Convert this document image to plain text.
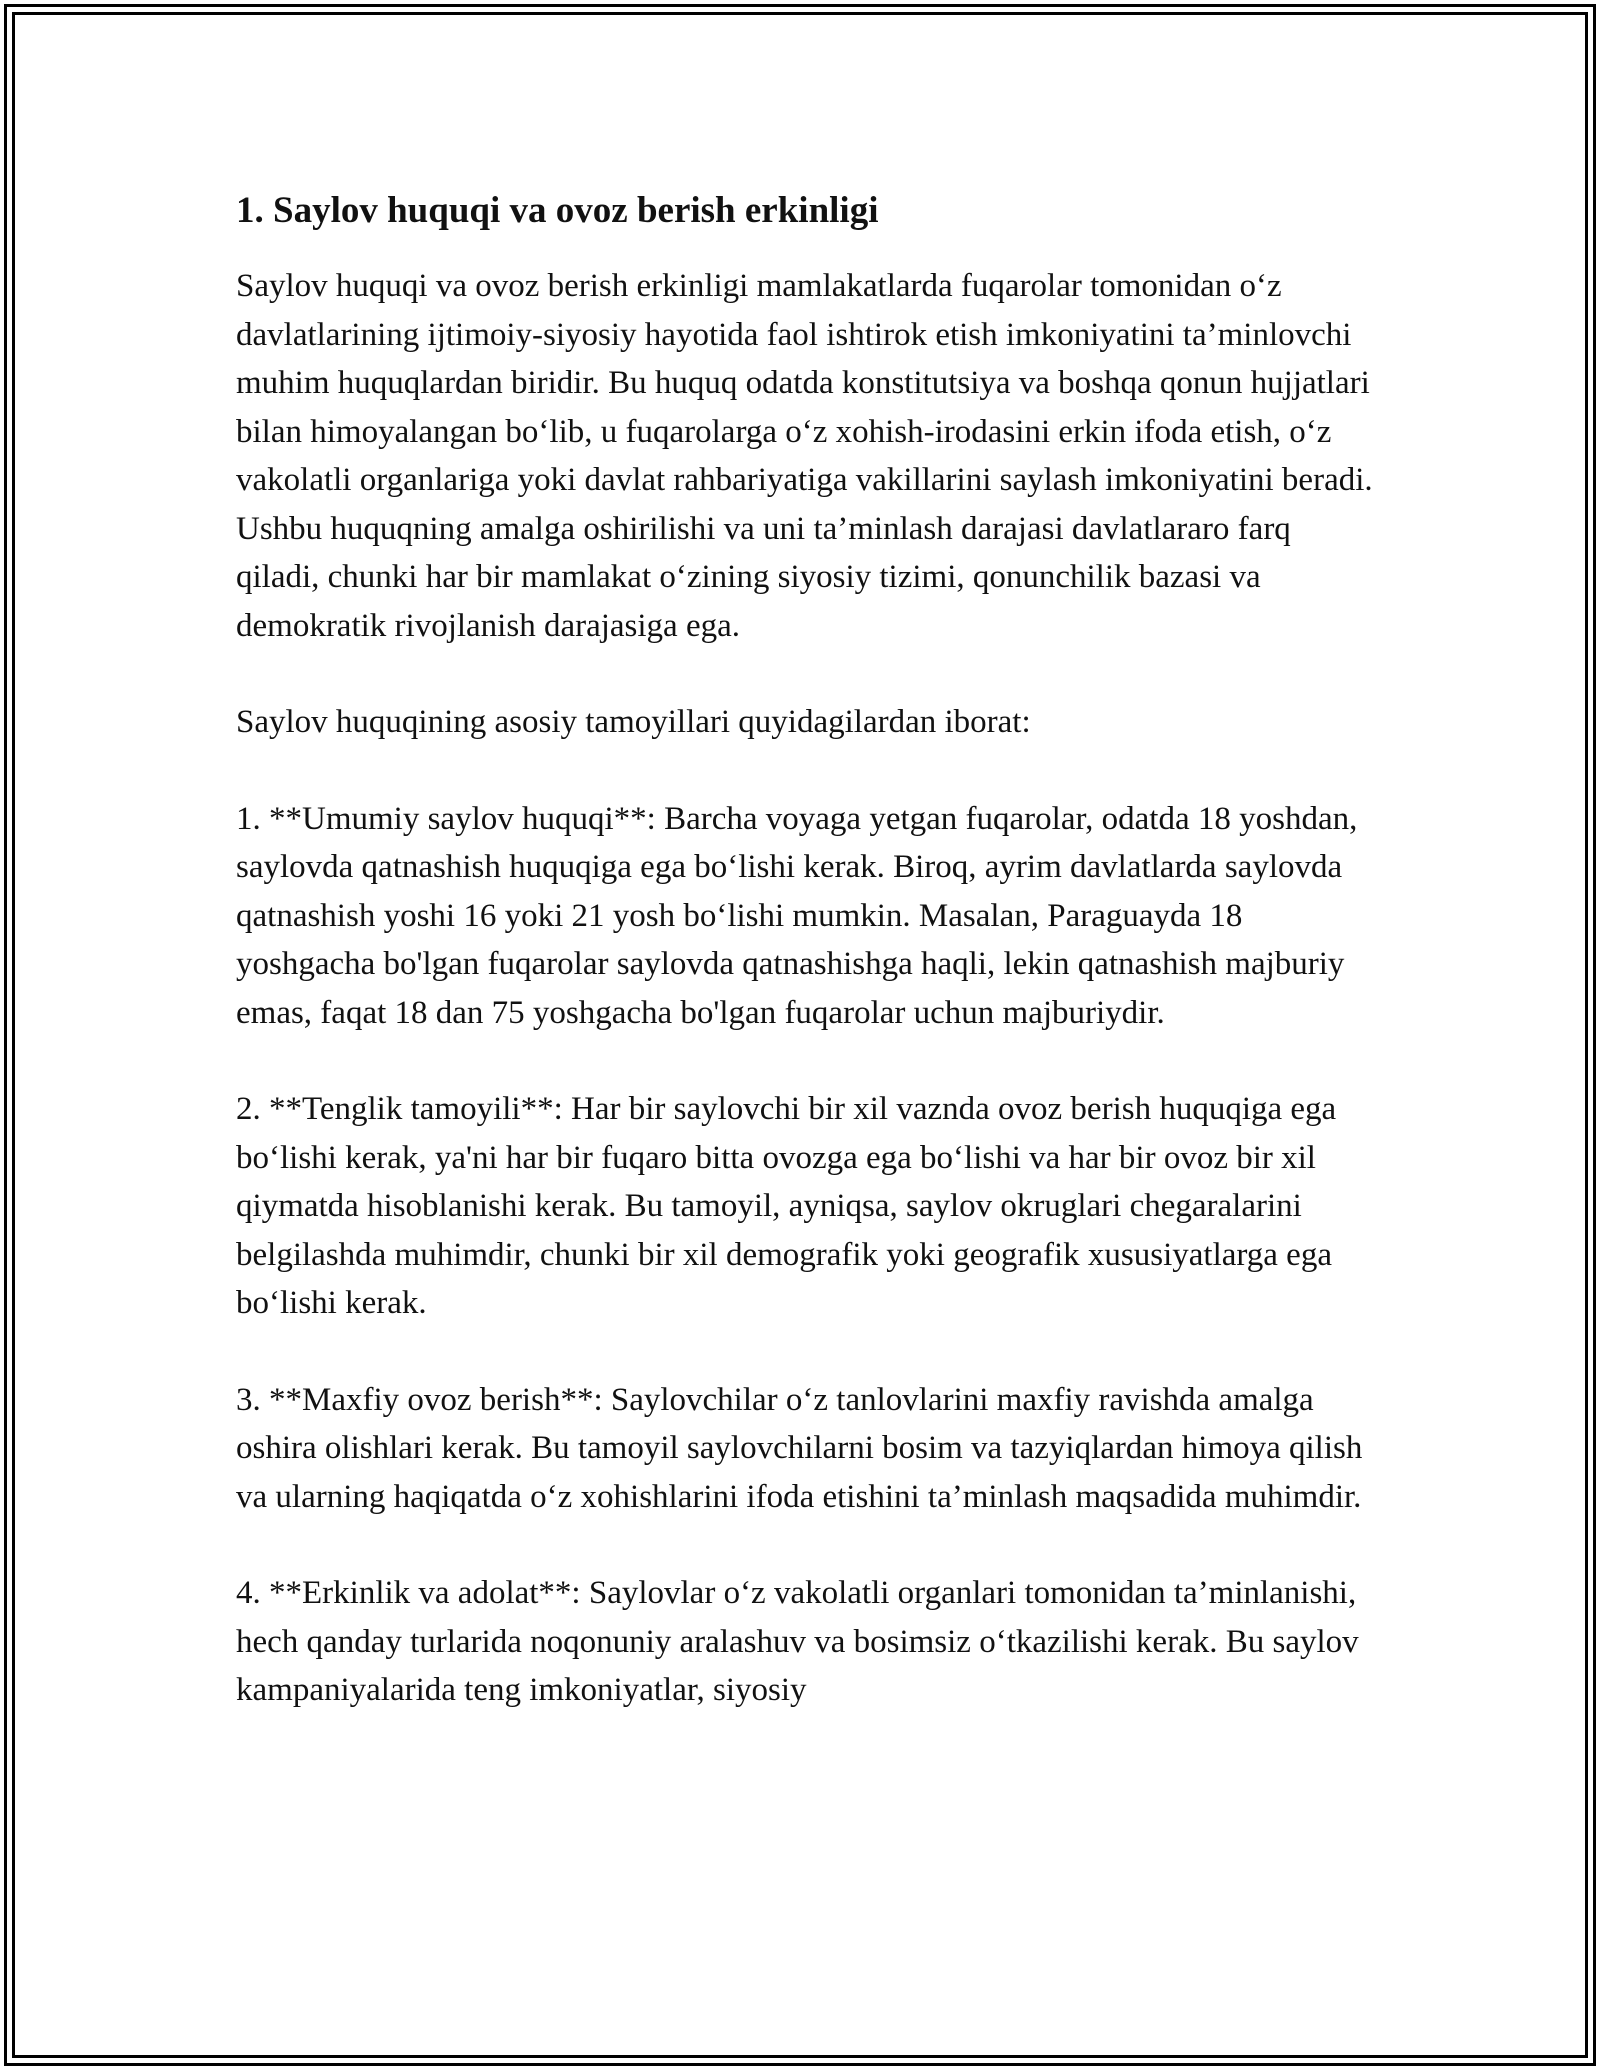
1. Saylov huquqi va ovoz berish erkinligi

Saylov huquqi va ovoz berish erkinligi mamlakatlarda fuqarolar tomonidan o‘z davlatlarining ijtimoiy-siyosiy hayotida faol ishtirok etish imkoniyatini ta’minlovchi muhim huquqlardan biridir. Bu huquq odatda konstitutsiya va boshqa qonun hujjatlari bilan himoyalangan bo‘lib, u fuqarolarga o‘z xohish-irodasini erkin ifoda etish, o‘z vakolatli organlariga yoki davlat rahbariyatiga vakillarini saylash imkoniyatini beradi. Ushbu huquqning amalga oshirilishi va uni ta’minlash darajasi davlatlararo farq qiladi, chunki har bir mamlakat o‘zining siyosiy tizimi, qonunchilik bazasi va demokratik rivojlanish darajasiga ega.

Saylov huquqining asosiy tamoyillari quyidagilardan iborat:

1. **Umumiy saylov huquqi**: Barcha voyaga yetgan fuqarolar, odatda 18 yoshdan, saylovda qatnashish huquqiga ega bo‘lishi kerak. Biroq, ayrim davlatlarda saylovda qatnashish yoshi 16 yoki 21 yosh bo‘lishi mumkin. Masalan, Paraguayda 18 yoshgacha bo'lgan fuqarolar saylovda qatnashishga haqli, lekin qatnashish majburiy emas, faqat 18 dan 75 yoshgacha bo'lgan fuqarolar uchun majburiydir.

2. **Tenglik tamoyili**: Har bir saylovchi bir xil vaznda ovoz berish huquqiga ega bo‘lishi kerak, ya'ni har bir fuqaro bitta ovozga ega bo‘lishi va har bir ovoz bir xil qiymatda hisoblanishi kerak. Bu tamoyil, ayniqsa, saylov okruglari chegaralarini belgilashda muhimdir, chunki bir xil demografik yoki geografik xususiyatlarga ega bo‘lishi kerak.

3. **Maxfiy ovoz berish**: Saylovchilar o‘z tanlovlarini maxfiy ravishda amalga oshira olishlari kerak. Bu tamoyil saylovchilarni bosim va tazyiqlardan himoya qilish va ularning haqiqatda o‘z xohishlarini ifoda etishini ta’minlash maqsadida muhimdir.

4. **Erkinlik va adolat**: Saylovlar o‘z vakolatli organlari tomonidan ta’minlanishi, hech qanday turlarida noqonuniy aralashuv va bosimsiz o‘tkazilishi kerak. Bu saylov kampaniyalarida teng imkoniyatlar, siyosiy
